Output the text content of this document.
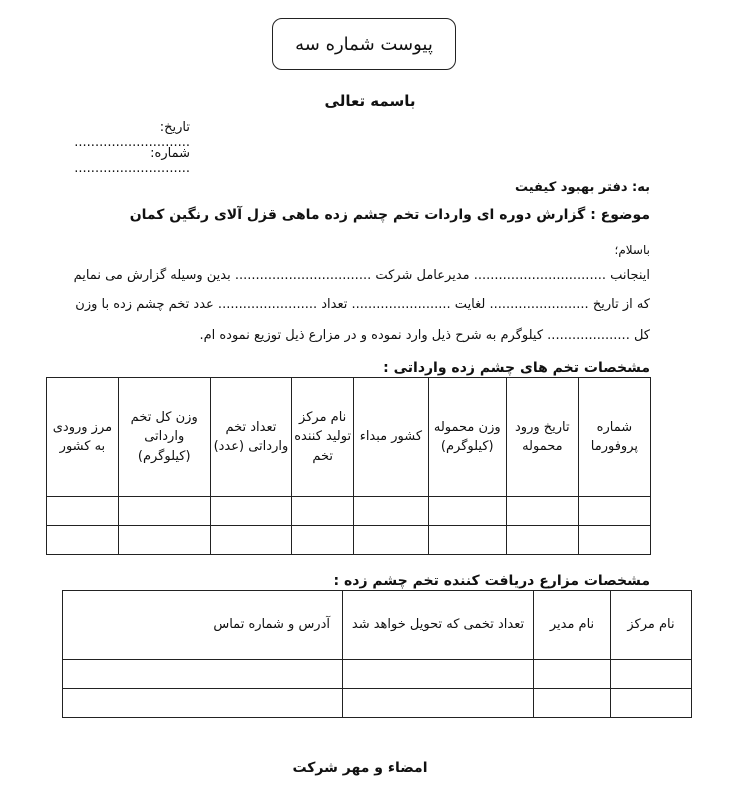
پیوست شماره سه
باسمه تعالی
تاریخ: ............................
شماره: ............................
به: دفتر بهبود کیفیت
موضوع : گزارش دوره ای واردات تخم چشم زده ماهی قزل آلای رنگین کمان
باسلام؛
اینجانب ................................ مدیرعامل شرکت ................................. بدین وسیله گزارش می نمایم
که از تاریخ ........................ لغایت ........................ تعداد ........................ عدد تخم چشم زده با وزن
کل .................... کیلوگرم به شرح ذیل وارد نموده و در مزارع ذیل توزیع نموده ام.
مشخصات تخم های چشم زده وارداتی :
شماره پروفورما	تاریخ ورود محموله	وزن محموله (کیلوگرم)	کشور مبداء	نام مرکز تولید کننده تخم	تعداد تخم وارداتی (عدد)	وزن کل تخم وارداتی (کیلوگرم)	مرز ورودی به کشور

مشخصات مزارع دریافت کننده تخم چشم زده :
نام مرکز	نام مدیر	تعداد تخمی که تحویل خواهد شد	آدرس و شماره تماس

امضاء و مهر شرکت
